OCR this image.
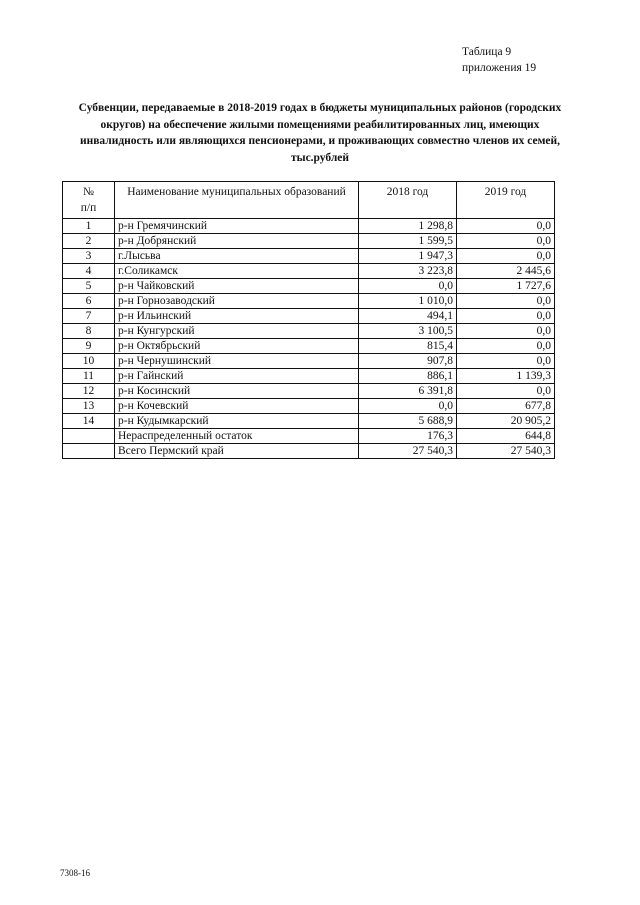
Таблица 9
приложения 19
Субвенции, передаваемые в 2018-2019 годах в бюджеты муниципальных районов (городских округов) на обеспечение жилыми помещениями реабилитированных лиц, имеющих инвалидность или являющихся пенсионерами, и проживающих совместно членов их семей, тыс.рублей
№
п/п	Наименование муниципальных образований	2018 год	2019 год
1	р-н Гремячинский	1 298,8	0,0
2	р-н Добрянский	1 599,5	0,0
3	г.Лысьва	1 947,3	0,0
4	г.Соликамск	3 223,8	2 445,6
5	р-н Чайковский	0,0	1 727,6
6	р-н Горнозаводский	1 010,0	0,0
7	р-н Ильинский	494,1	0,0
8	р-н Кунгурский	3 100,5	0,0
9	р-н Октябрьский	815,4	0,0
10	р-н Чернушинский	907,8	0,0
11	р-н Гайнский	886,1	1 139,3
12	р-н Косинский	6 391,8	0,0
13	р-н Кочевский	0,0	677,8
14	р-н Кудымкарский	5 688,9	20 905,2
	Нераспределенный остаток	176,3	644,8
	Всего Пермский край	27 540,3	27 540,3
7308-16
